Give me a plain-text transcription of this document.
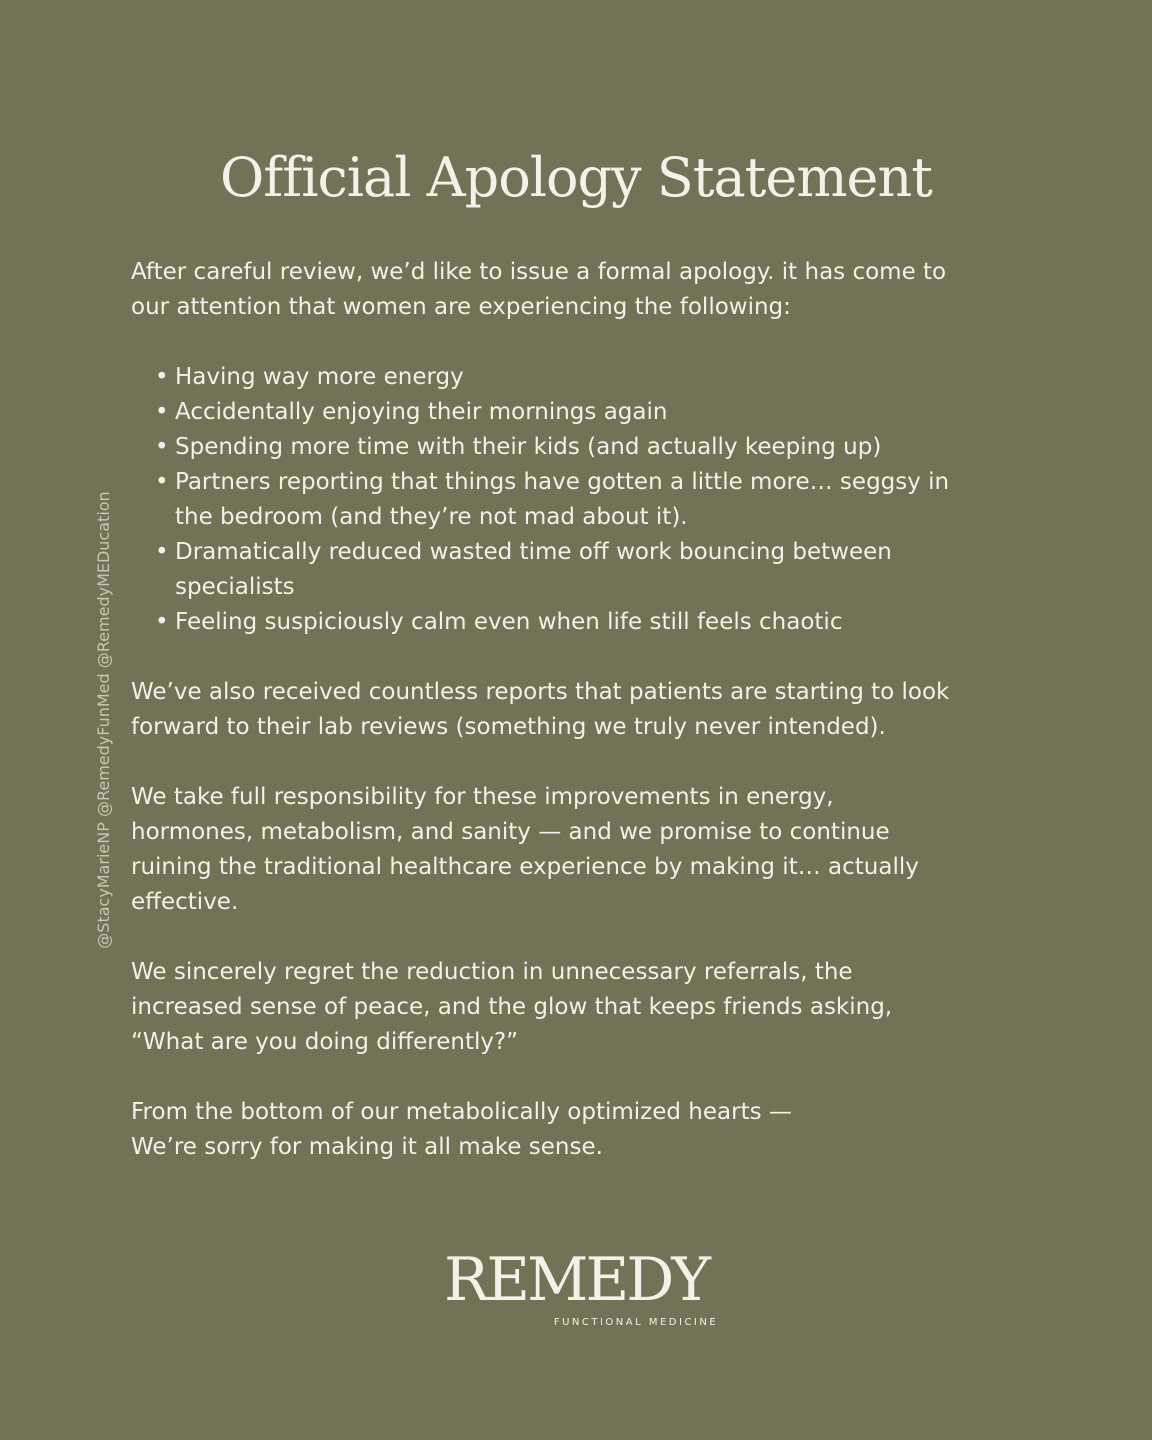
Official Apology Statement
After careful review, we’d like to issue a formal apology. it has come to
our attention that women are experiencing the following:
• Having way more energy
• Accidentally enjoying their mornings again
• Spending more time with their kids (and actually keeping up)
• Partners reporting that things have gotten a little more… seggsy in
the bedroom (and they’re not mad about it).
• Dramatically reduced wasted time off work bouncing between
specialists
• Feeling suspiciously calm even when life still feels chaotic
We’ve also received countless reports that patients are starting to look
forward to their lab reviews (something we truly never intended).
We take full responsibility for these improvements in energy,
hormones, metabolism, and sanity — and we promise to continue
ruining the traditional healthcare experience by making it… actually
effective.
We sincerely regret the reduction in unnecessary referrals, the
increased sense of peace, and the glow that keeps friends asking,
“What are you doing differently?”
From the bottom of our metabolically optimized hearts —
We’re sorry for making it all make sense.
@StacyMarieNP @RemedyFunMed @RemedyMEDucation
REMEDY
FUNCTIONAL MEDICINE
